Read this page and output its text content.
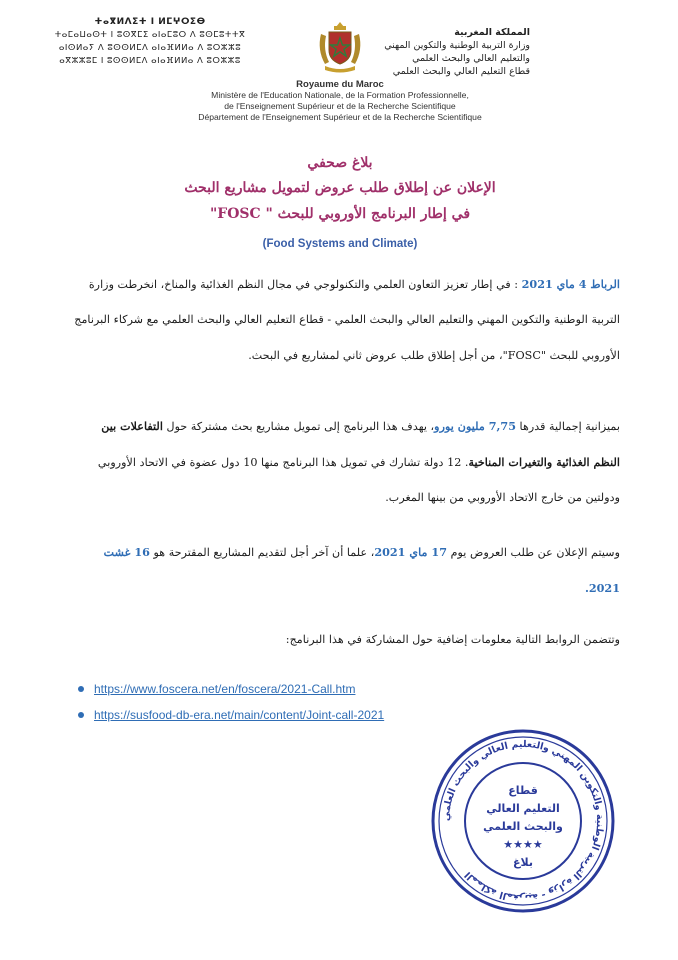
المملكة المغربية
وزارة التربية الوطنية والتكوين المهني
والتعليم العالي والبحث العلمي
قطاع التعليم العالي والبحث العلمي
ⵜⴰⴳⵍⴷⵉⵜ ⵏ ⵍⵎⵖⵔⵉⴱ
ⵜⴰⵎⴰⵡⴰⵙⵜ ⵏ ⵓⵙⴳⵎⵉ ⴰⵏⴰⵎⵓⵔ ⴷ ⵓⵙⵎⵓⵜⵜⴳ
ⴰⵏⵙⵍⴰⵢ ⴷ ⵓⵙⵙⵍⵎⴷ ⴰⵏⴰⴼⵍⵍⴰ ⴷ ⵓⵔⵣⵣⵓ
ⴰⴳⵣⵣⵓⵎ ⵏ ⵓⵙⵙⵍⵎⴷ ⴰⵏⴰⴼⵍⵍⴰ ⴷ ⵓⵔⵣⵣⵓ
Royaume du Maroc
Ministère de l'Education Nationale, de la Formation Professionnelle,
de l'Enseignement Supérieur et de la Recherche Scientifique
Département de l'Enseignement Supérieur et de la Recherche Scientifique
بلاغ صحفي
الإعلان عن إطلاق طلب عروض لتمويل مشاريع البحث
في إطار البرنامج الأوروبي للبحث " FOSC"
(Food Systems and Climate)
الرباط 4 ماي 2021 : في إطار تعزيز التعاون العلمي والتكنولوجي في مجال النظم الغذائية والمناخ، انخرطت وزارة
التربية الوطنية والتكوين المهني والتعليم العالي والبحث العلمي - قطاع التعليم العالي والبحث العلمي مع شركاء البرنامج
الأوروبي للبحث "FOSC"، من أجل إطلاق طلب عروض ثاني لمشاريع في البحث.
بميزانية إجمالية قدرها 7,75 مليون يورو، يهدف هذا البرنامج إلى تمويل مشاريع بحث مشتركة حول التفاعلات بين
النظم الغذائية والتغيرات المناخية. 12 دولة تشارك في تمويل هذا البرنامج منها 10 دول عضوة في الاتحاد الأوروبي
ودولتين من خارج الاتحاد الأوروبي من بينها المغرب.
وسيتم الإعلان عن طلب العروض يوم 17 ماي 2021، علما أن آخر أجل لتقديم المشاريع المقترحة هو 16 غشت
2021.
وتتضمن الروابط التالية معلومات إضافية حول المشاركة في هذا البرنامج:
https://www.foscera.net/en/foscera/2021-Call.htm
https://susfood-db-era.net/main/content/Joint-call-2021
المملكة المغربية - وزارة التربية الوطنية والتكوين المهني والتعليم العالي والبحث العلمي
قطاع
التعليم العالي
والبحث العلمي
★★★★
بلاغ
